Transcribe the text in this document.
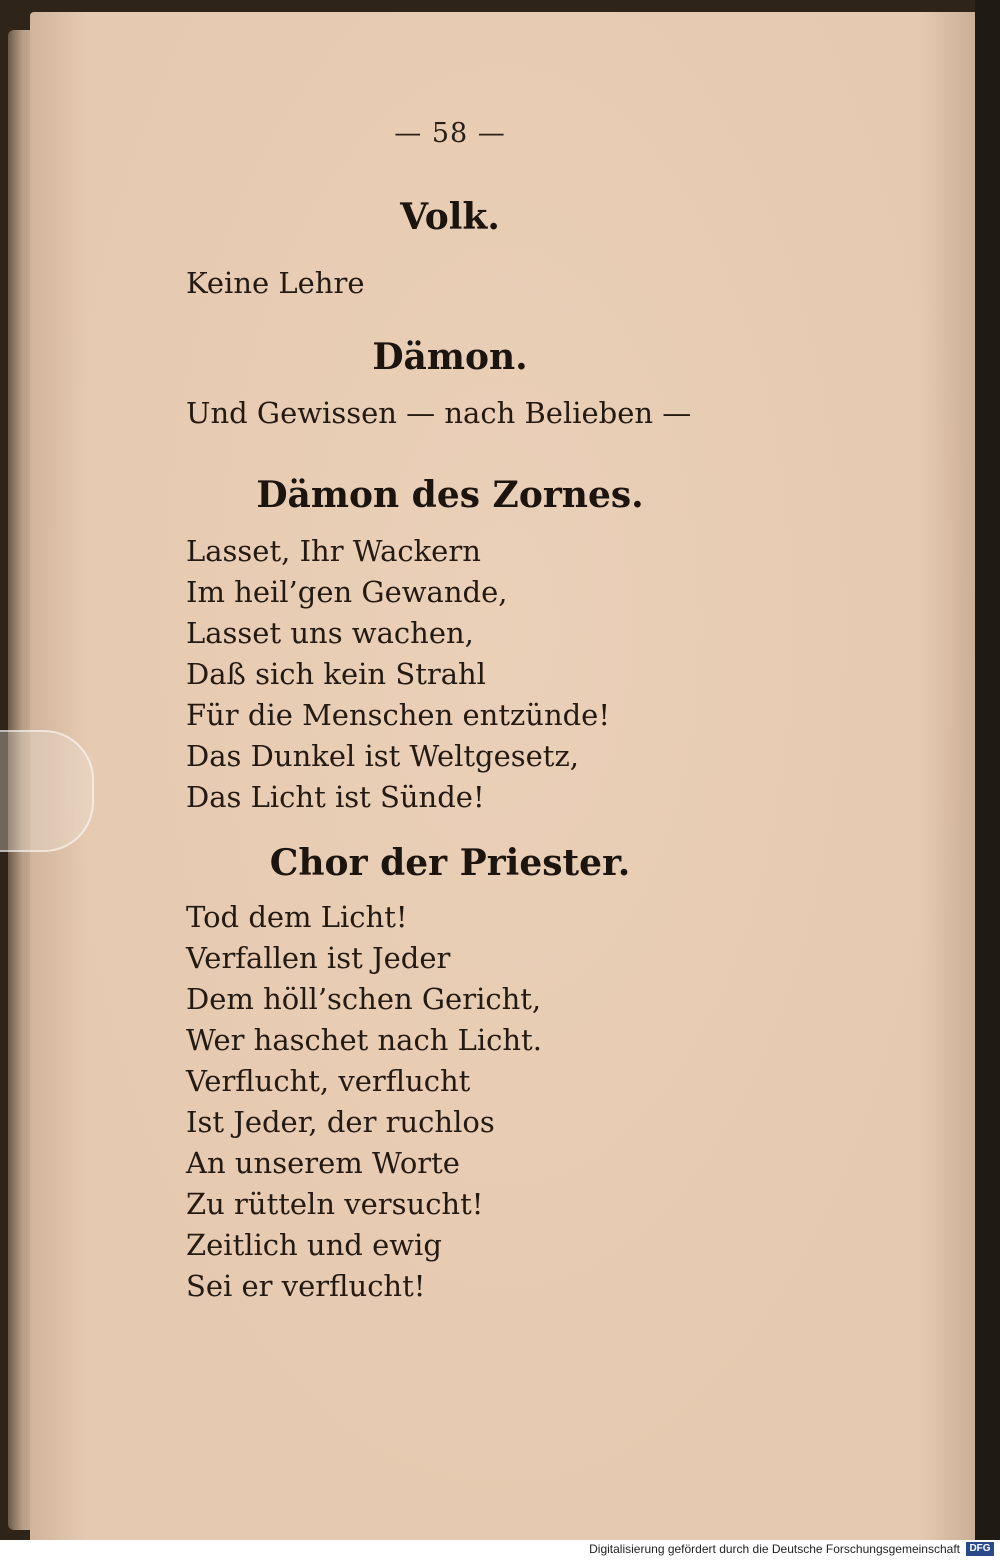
— 58 —
Volk.
Keine Lehre
Dämon.
Und Gewissen — nach Belieben —
Dämon des Zornes.
Lasset, Ihr Wackern
Im heil’gen Gewande,
Lasset uns wachen,
Daß sich kein Strahl
Für die Menschen entzünde!
Das Dunkel ist Weltgesetz,
Das Licht ist Sünde!
Chor der Priester.
Tod dem Licht!
Verfallen ist Jeder
Dem höll’schen Gericht,
Wer haschet nach Licht.
Verflucht, verflucht
Ist Jeder, der ruchlos
An unserem Worte
Zu rütteln versucht!
Zeitlich und ewig
Sei er verflucht!
Digitalisierung gefördert durch die Deutsche Forschungsgemeinschaft DFG
